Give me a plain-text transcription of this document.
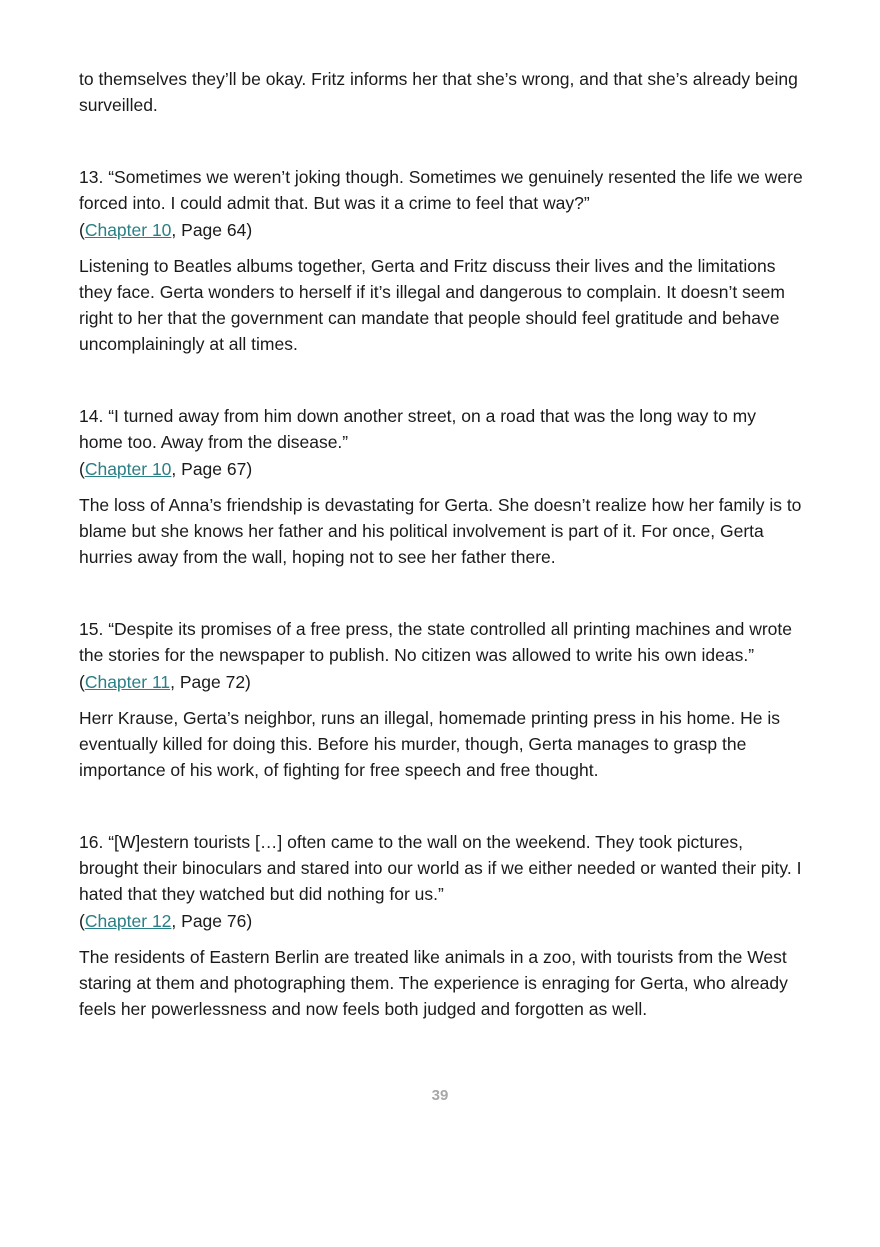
to themselves they’ll be okay. Fritz informs her that she’s wrong, and that she’s already being surveilled.

13. “Sometimes we weren’t joking though. Sometimes we genuinely resented the life we were forced into. I could admit that. But was it a crime to feel that way?”

(Chapter 10, Page 64)

Listening to Beatles albums together, Gerta and Fritz discuss their lives and the limitations they face. Gerta wonders to herself if it’s illegal and dangerous to complain. It doesn’t seem right to her that the government can mandate that people should feel gratitude and behave uncomplainingly at all times.

14. “I turned away from him down another street, on a road that was the long way to my home too. Away from the disease.”

(Chapter 10, Page 67)

The loss of Anna’s friendship is devastating for Gerta. She doesn’t realize how her family is to blame but she knows her father and his political involvement is part of it. For once, Gerta hurries away from the wall, hoping not to see her father there.

15. “Despite its promises of a free press, the state controlled all printing machines and wrote the stories for the newspaper to publish. No citizen was allowed to write his own ideas.”

(Chapter 11, Page 72)

Herr Krause, Gerta’s neighbor, runs an illegal, homemade printing press in his home. He is eventually killed for doing this. Before his murder, though, Gerta manages to grasp the importance of his work, of fighting for free speech and free thought.

16. “[W]estern tourists […] often came to the wall on the weekend. They took pictures, brought their binoculars and stared into our world as if we either needed or wanted their pity. I hated that they watched but did nothing for us.”

(Chapter 12, Page 76)

The residents of Eastern Berlin are treated like animals in a zoo, with tourists from the West staring at them and photographing them. The experience is enraging for Gerta, who already feels her powerlessness and now feels both judged and forgotten as well.

39
